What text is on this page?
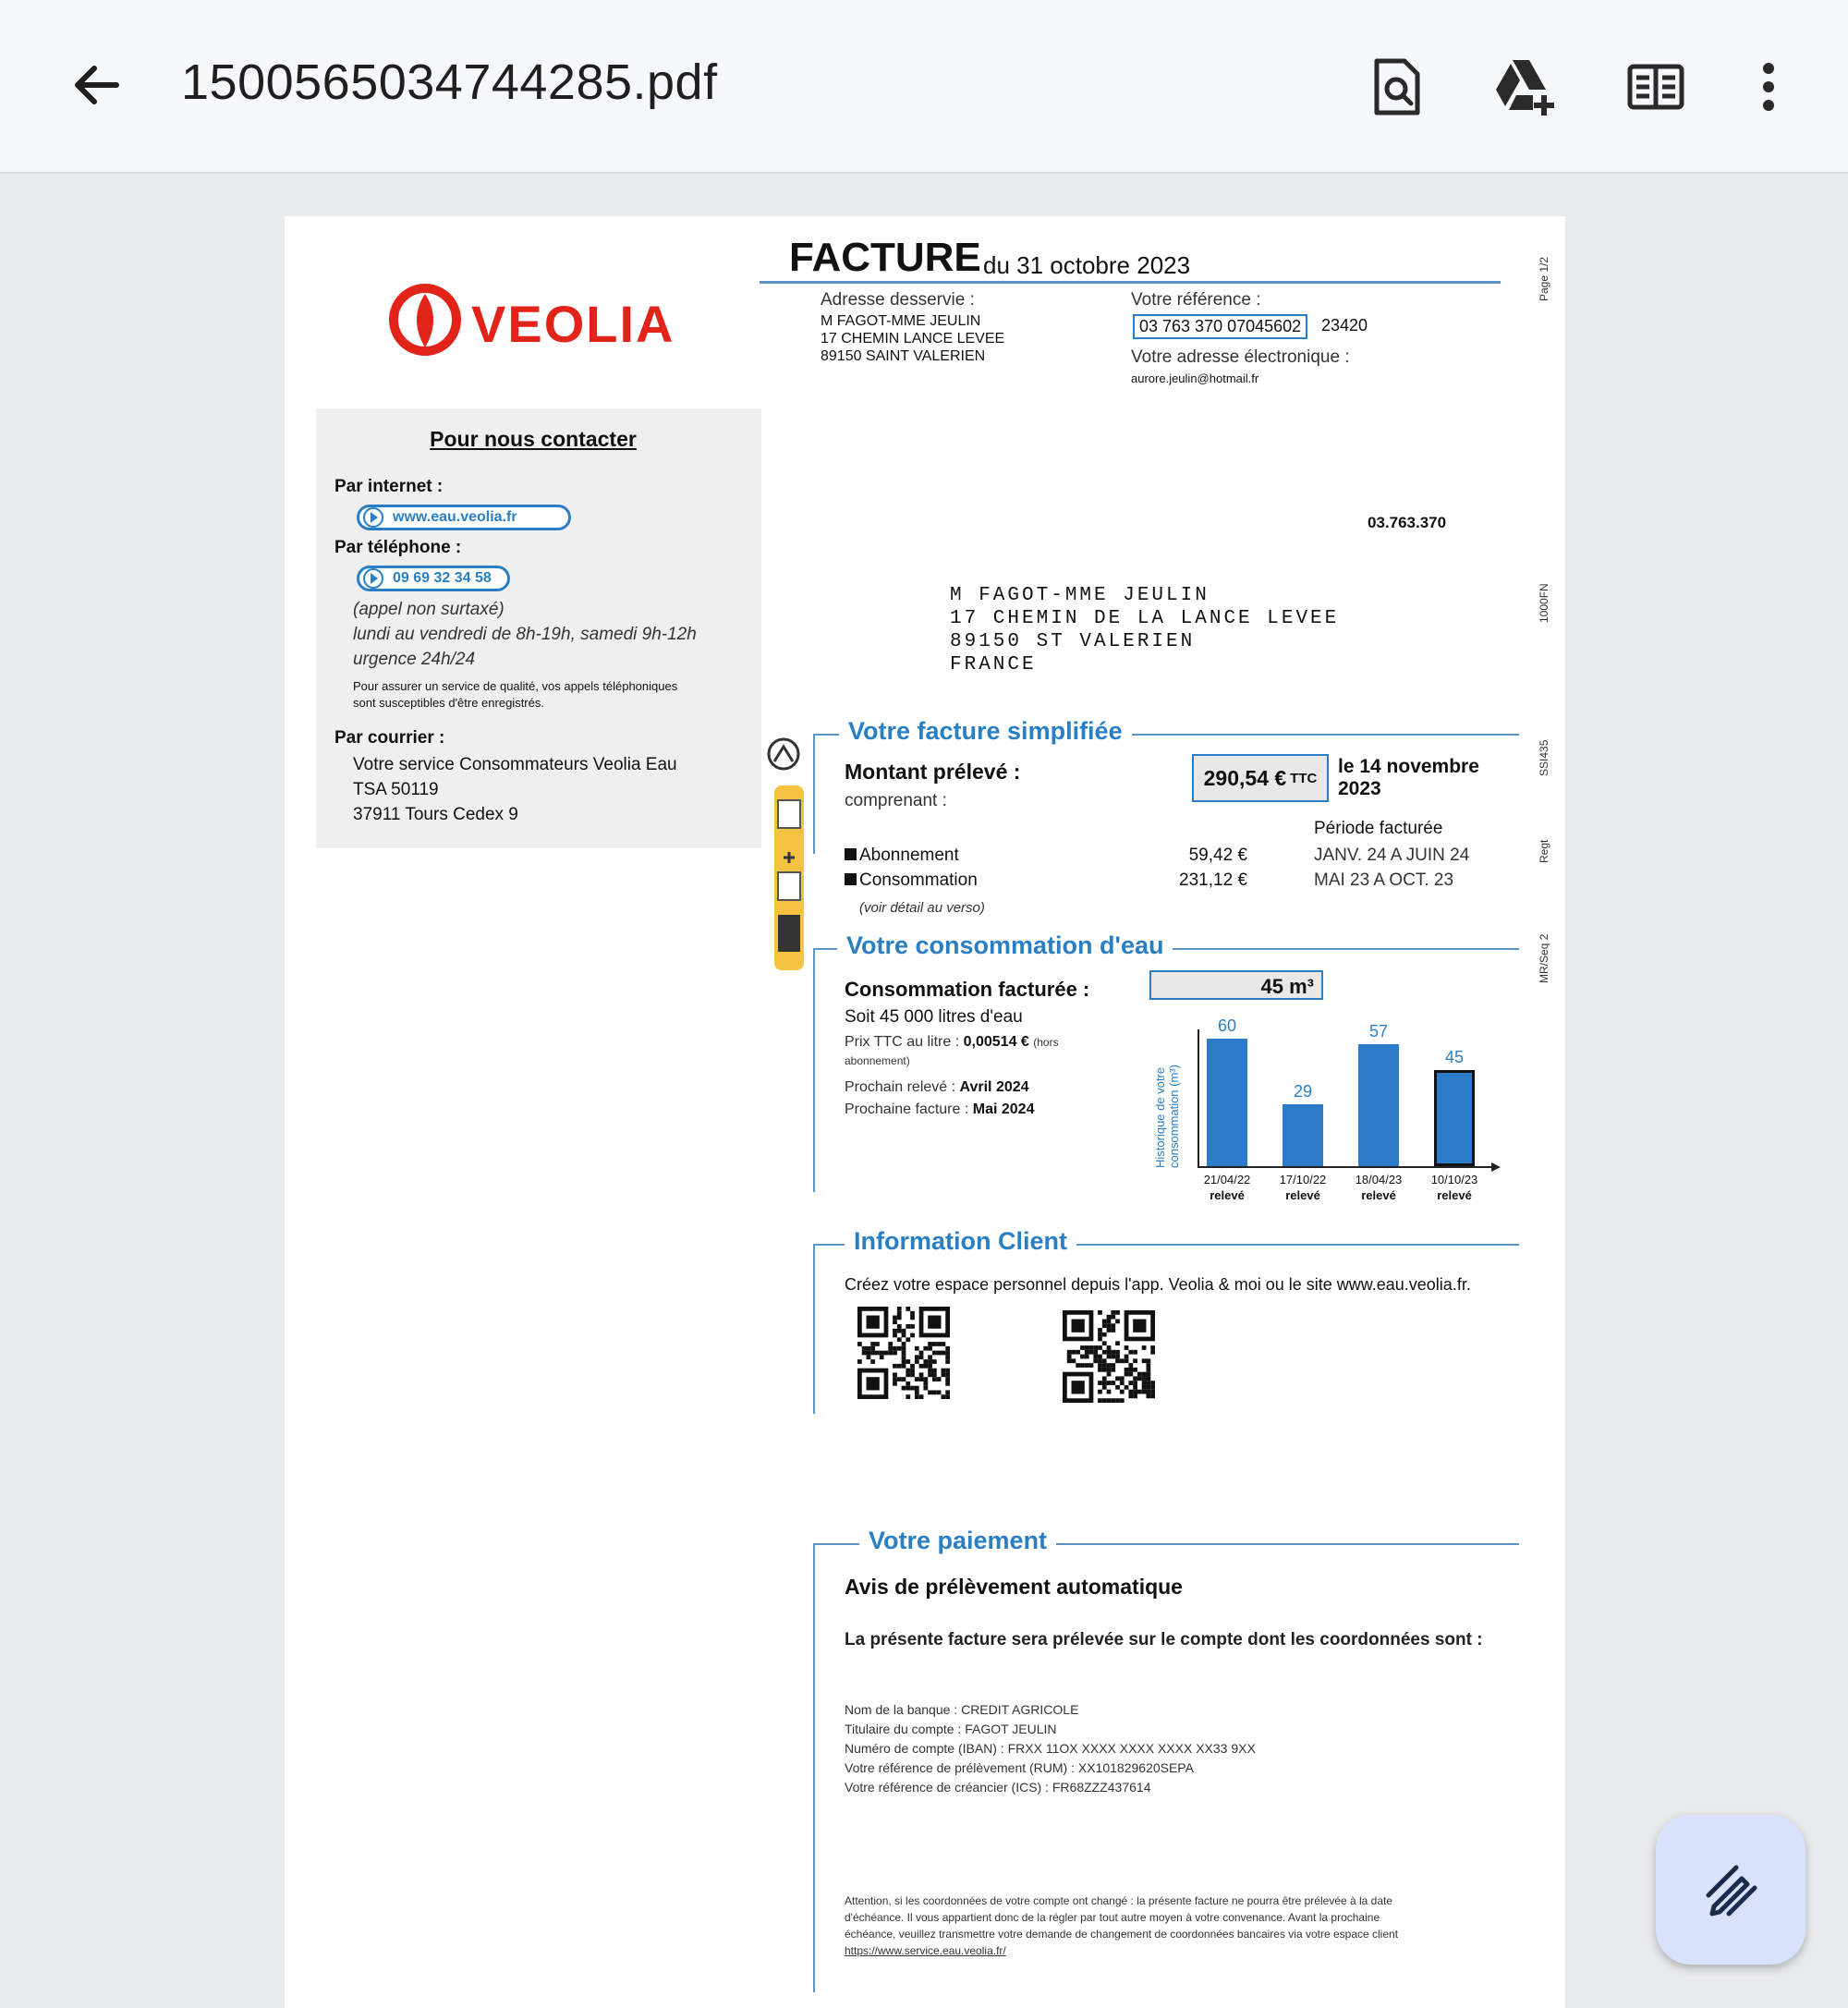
1500565034744285.pdf
VEOLIA
FACTURE du 31 octobre 2023	Page 1/2
Adresse desservie :
M FAGOT-MME JEULIN
17 CHEMIN LANCE LEVEE
89150 SAINT VALERIEN
Votre référence :
03 763 370 07045602	23420
Votre adresse électronique :
aurore.jeulin@hotmail.fr
03.763.370
M FAGOT-MME JEULIN
17 CHEMIN DE LA LANCE LEVEE
89150 ST VALERIEN
FRANCE
1000FN
SSI435
Regt
MR/Seq 2
Pour nous contacter
Par internet :
www.eau.veolia.fr
Par téléphone :
09 69 32 34 58
(appel non surtaxé)
lundi au vendredi de 8h-19h, samedi 9h-12h
urgence 24h/24
Pour assurer un service de qualité, vos appels téléphoniques
sont susceptibles d'être enregistrés.
Par courrier :
Votre service Consommateurs Veolia Eau
TSA 50119
37911 Tours Cedex 9
Votre facture simplifiée
Montant prélevé :
comprenant :
290,54 € TTC
le 14 novembre 2023
Période facturée
Abonnement	59,42 €	JANV. 24 A JUIN 24
Consommation	231,12 €	MAI 23 A OCT. 23
(voir détail au verso)
Votre consommation d'eau
Consommation facturée :	45 m³
Soit 45 000 litres d'eau
Prix TTC au litre : 0,00514 € (hors abonnement)
Prochain relevé : Avril 2024
Prochaine facture : Mai 2024	Historique de votre consommation (m³)
60
21/04/22
relevé
29
17/10/22
relevé
57
18/04/23
relevé
45
10/10/23
relevé
Information Client
Créez votre espace personnel depuis l'app. Veolia & moi ou le site www.eau.veolia.fr.
Votre paiement
Avis de prélèvement automatique
La présente facture sera prélevée sur le compte dont les coordonnées sont :
Nom de la banque : CREDIT AGRICOLE
Titulaire du compte : FAGOT JEULIN
Numéro de compte (IBAN) : FRXX 11OX XXXX XXXX XXXX XX33 9XX
Votre référence de prélèvement (RUM) : XX101829620SEPA
Votre référence de créancier (ICS) : FR68ZZZ437614
Attention, si les coordonnées de votre compte ont changé : la présente facture ne pourra être prélevée à la date
d'échéance. Il vous appartient donc de la régler par tout autre moyen à votre convenance. Avant la prochaine
échéance, veuillez transmettre votre demande de changement de coordonnées bancaires via votre espace client
https://www.service.eau.veolia.fr/
